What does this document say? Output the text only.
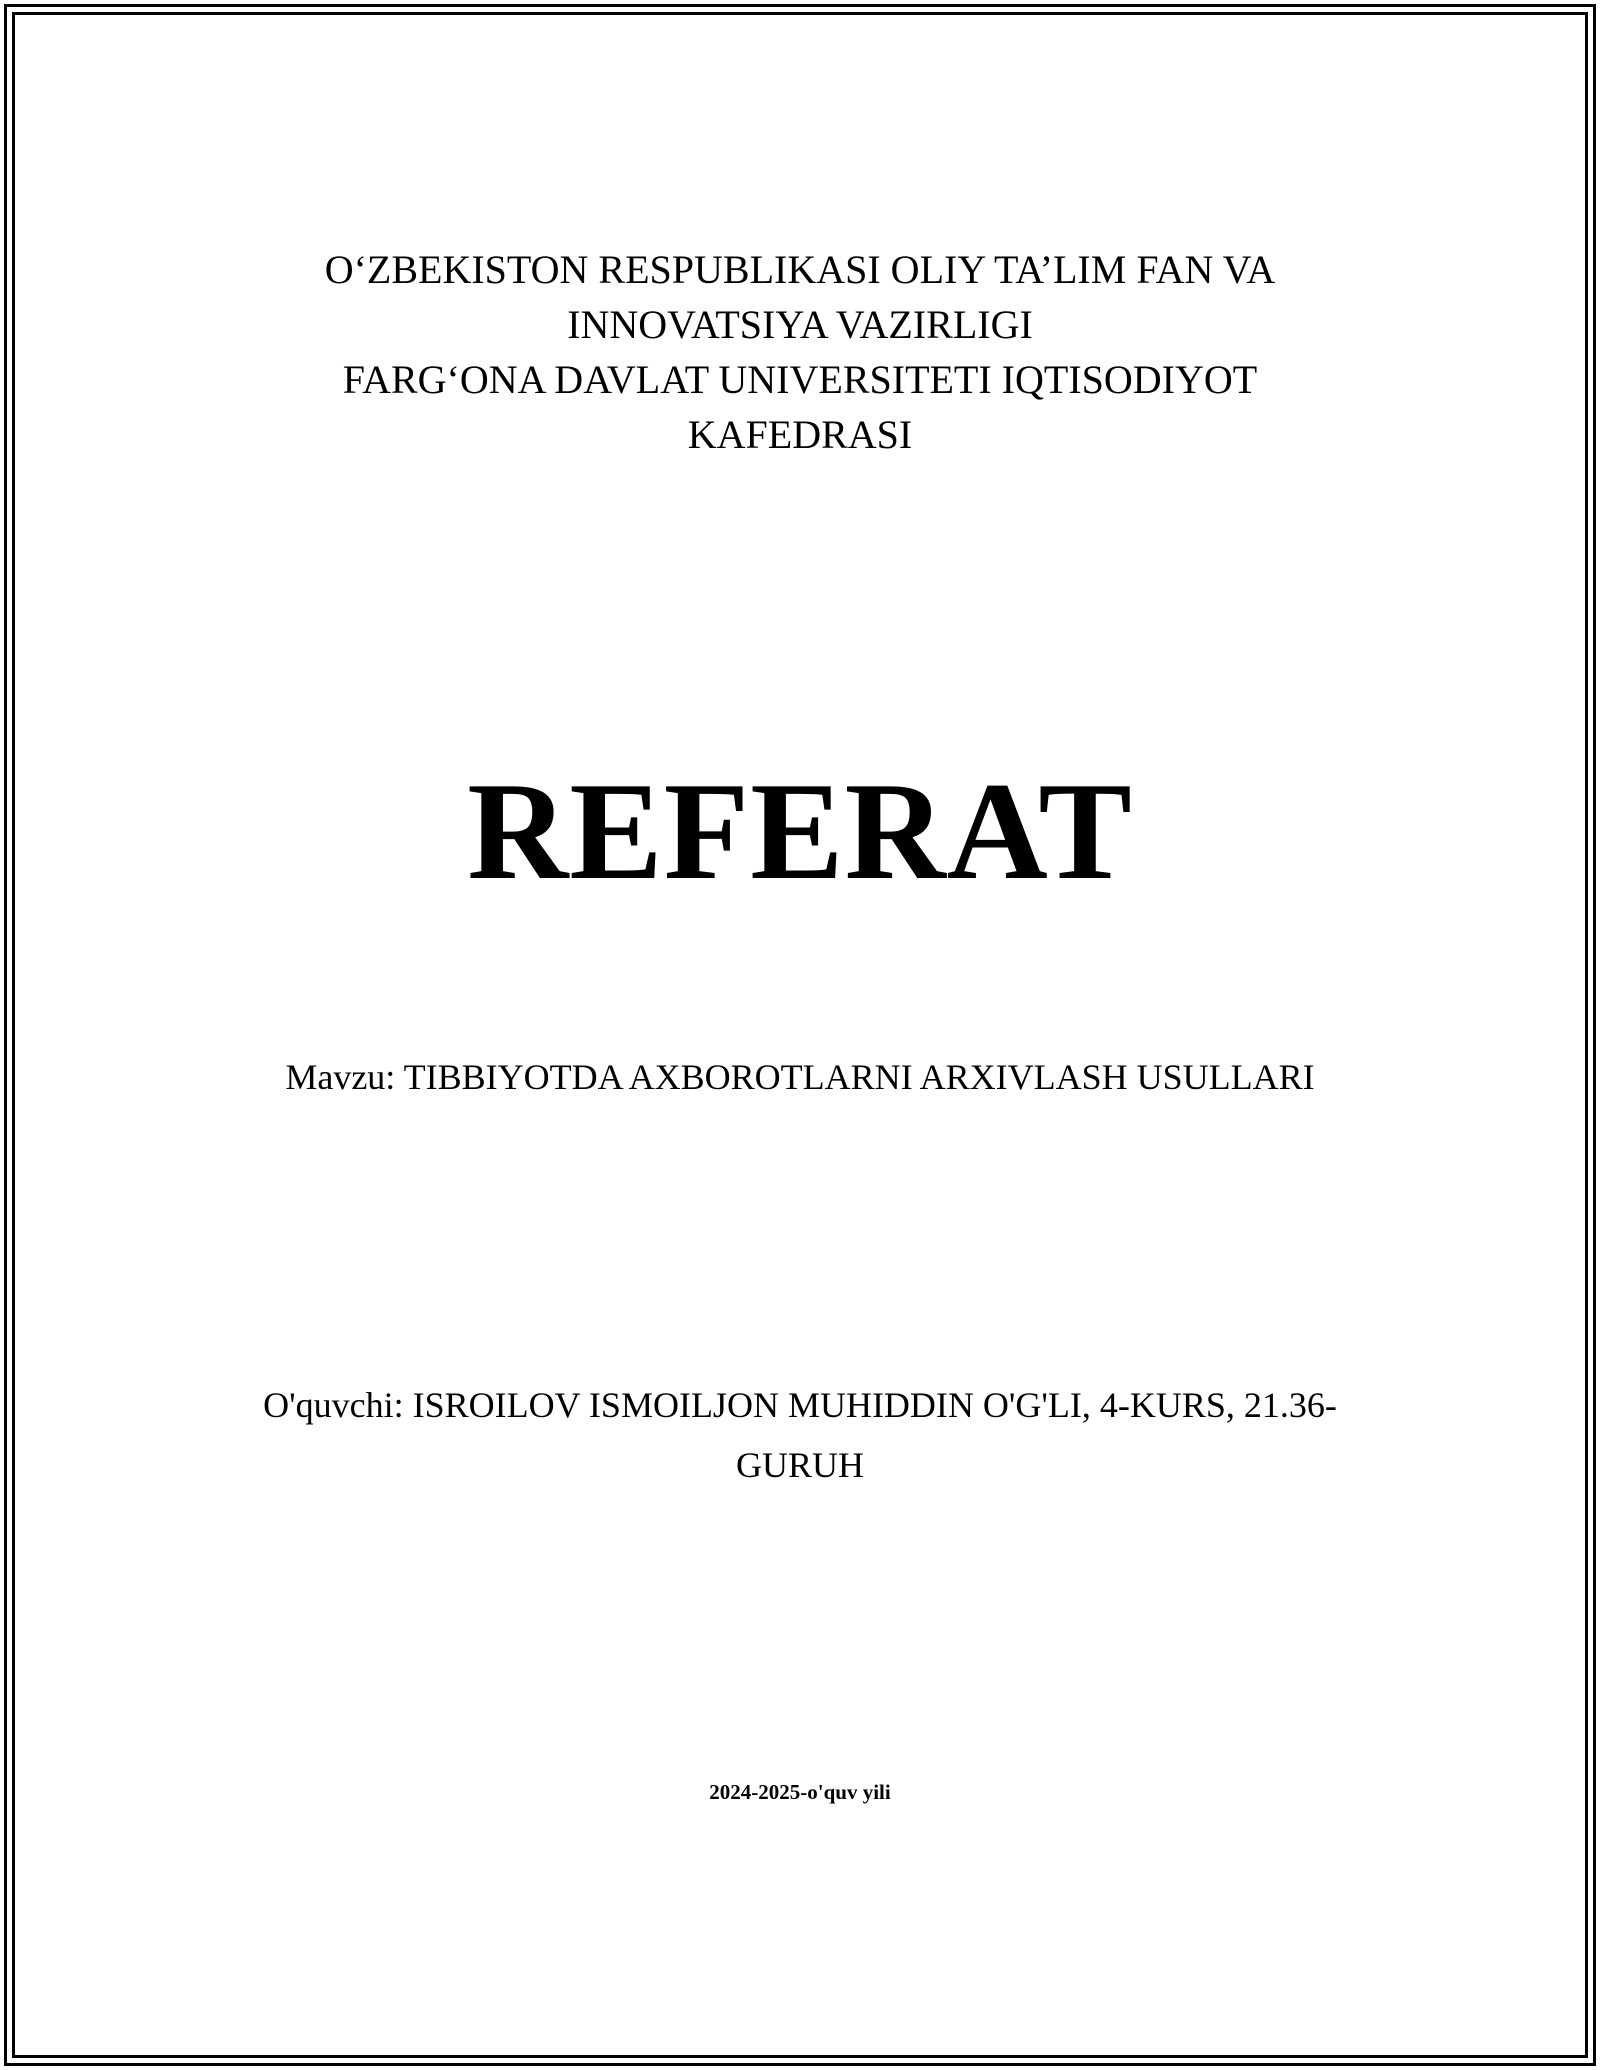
O‘ZBEKISTON RESPUBLIKASI OLIY TA’LIM FAN VA
INNOVATSIYA VAZIRLIGI
FARG‘ONA DAVLAT UNIVERSITETI IQTISODIYOT
KAFEDRASI
REFERAT
Mavzu: TIBBIYOTDA AXBOROTLARNI ARXIVLASH USULLARI
O'quvchi: ISROILOV ISMOILJON MUHIDDIN O'G'LI, 4-KURS, 21.36-
GURUH
2024-2025-o'quv yili
